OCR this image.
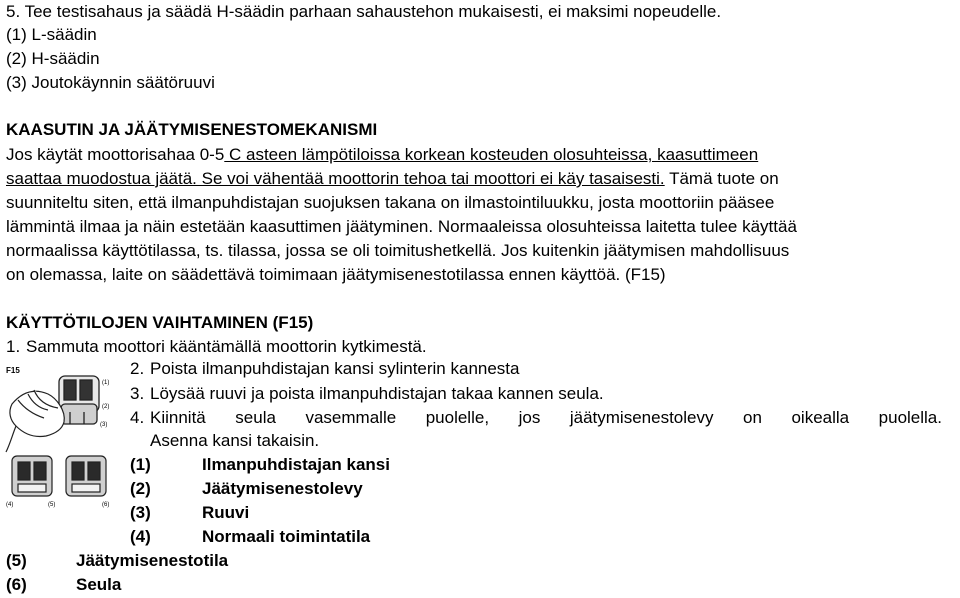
5. Tee testisahaus ja säädä H-säädin parhaan sahaustehon mukaisesti, ei maksimi nopeudelle.
(1) L-säädin
(2) H-säädin
(3) Joutokäynnin säätöruuvi
KAASUTIN JA JÄÄTYMISENESTOMEKANISMI
Jos käytät moottorisahaa 0-5 C asteen lämpötiloissa korkean kosteuden olosuhteissa, kaasuttimeen
saattaa muodostua jäätä. Se voi vähentää moottorin tehoa tai moottori ei käy tasaisesti. Tämä tuote on
suunniteltu siten, että ilmanpuhdistajan suojuksen takana on ilmastointiluukku, josta moottoriin pääsee
lämmintä ilmaa ja näin estetään kaasuttimen jäätyminen. Normaaleissa olosuhteissa laitetta tulee käyttää
normaalissa käyttötilassa, ts. tilassa, jossa se oli toimitushetkellä. Jos kuitenkin jäätymisen mahdollisuus
on olemassa, laite on säädettävä toimimaan jäätymisenestotilassa ennen käyttöä. (F15)
KÄYTTÖTILOJEN VAIHTAMINEN (F15)
1. Sammuta moottori kääntämällä moottorin kytkimestä.
2. Poista ilmanpuhdistajan kansi sylinterin kannesta
3. Löysää ruuvi ja poista ilmanpuhdistajan takaa kannen seula.
4. Kiinnitä seula vasemmalle puolelle, jos jäätymisenestolevy on oikealla puolella.
Asenna kansi takaisin.
(1)	Ilmanpuhdistajan kansi
(2)	Jäätymisenestolevy
(3)	Ruuvi
(4)	Normaali toimintatila
(5)	Jäätymisenestotila
(6)	Seula
F15
(1)
(2)
(3)
(4)	(5)	(6)
